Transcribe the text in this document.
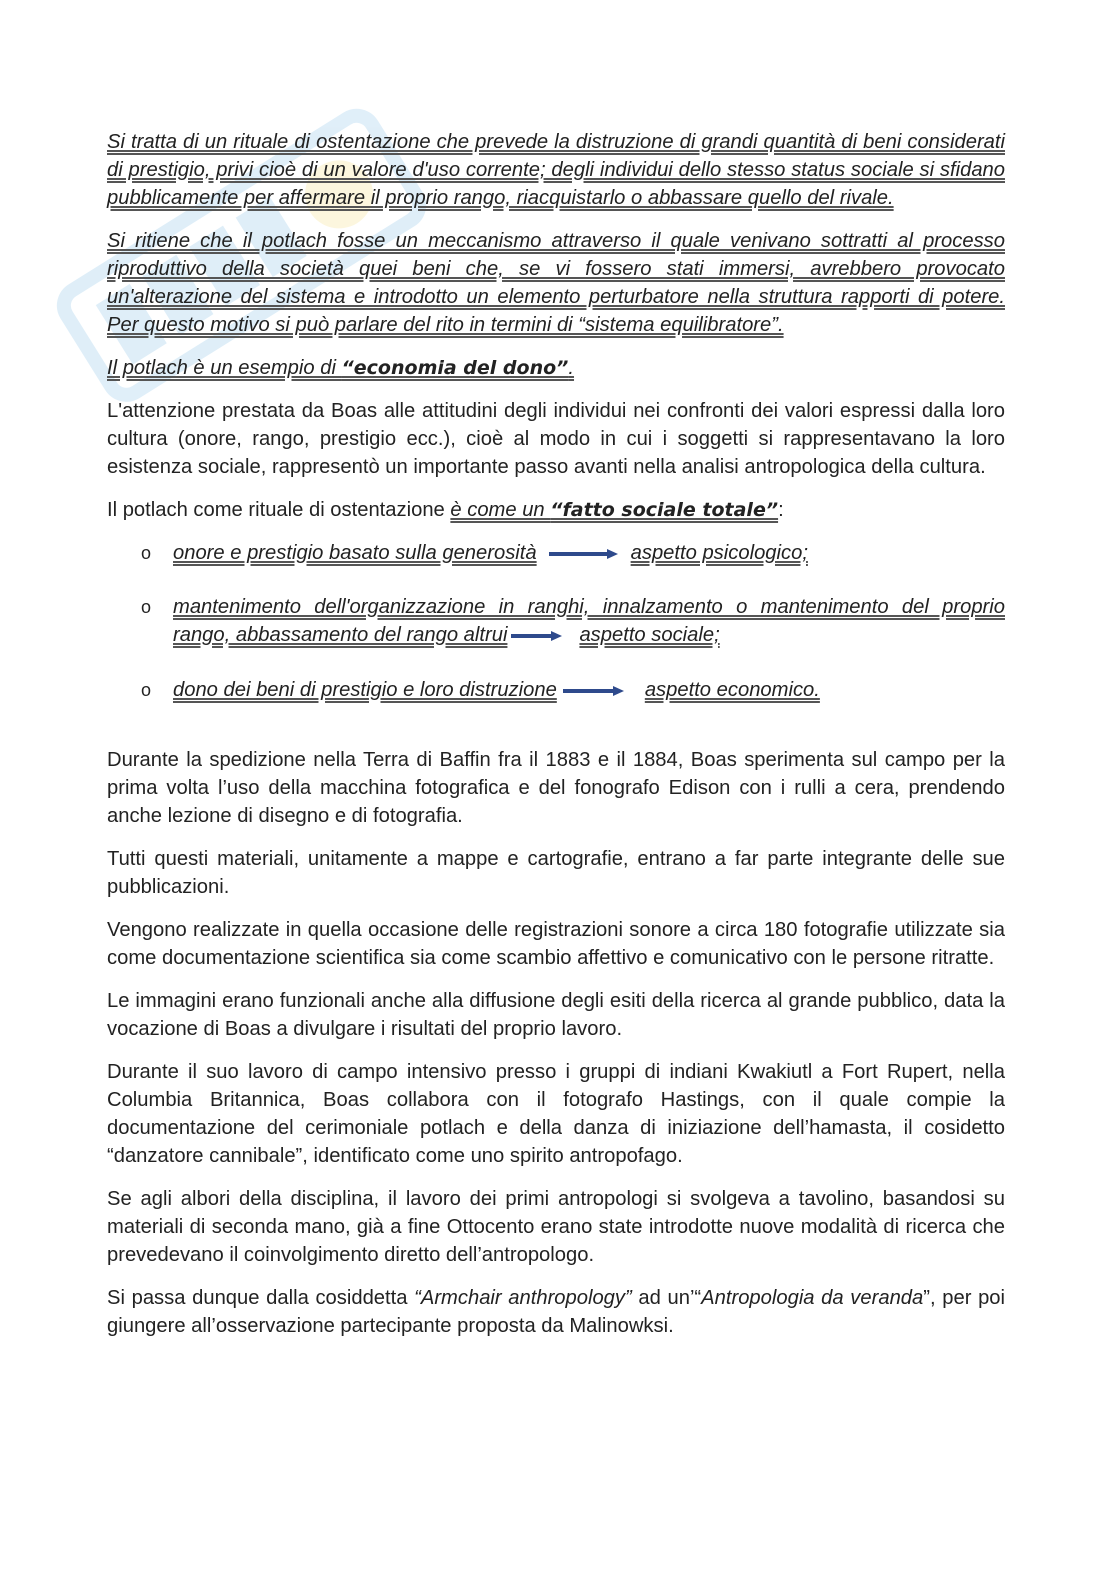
Si tratta di un rituale di ostentazione che prevede la distruzione di grandi quantità di beni considerati di prestigio, privi cioè di un valore d'uso corrente; degli individui dello stesso status sociale si sfidano pubblicamente per affermare il proprio rango, riacquistarlo o abbassare quello del rivale.

Si ritiene che il potlach fosse un meccanismo attraverso il quale venivano sottratti al processo riproduttivo della società quei beni che, se vi fossero stati immersi, avrebbero provocato un'alterazione del sistema e introdotto un elemento perturbatore nella struttura rapporti di potere. Per questo motivo si può parlare del rito in termini di “sistema equilibratore”.

Il potlach è un esempio di “economia del dono”.

L'attenzione prestata da Boas alle attitudini degli individui nei confronti dei valori espressi dalla loro cultura (onore, rango, prestigio ecc.), cioè al modo in cui i soggetti si rappresentavano la loro esistenza sociale, rappresentò un importante passo avanti nella analisi antropologica della cultura.

Il potlach come rituale di ostentazione è come un “fatto sociale totale”:

o onore e prestigio basato sulla generosità	aspetto psicologico;
o mantenimento dell'organizzazione in ranghi, innalzamento o mantenimento del proprio rango, abbassamento del rango altrui	aspetto sociale;
o dono dei beni di prestigio e loro distruzione	aspetto economico.

Durante la spedizione nella Terra di Baffin fra il 1883 e il 1884, Boas sperimenta sul campo per la prima volta l’uso della macchina fotografica e del fonografo Edison con i rulli a cera, prendendo anche lezione di disegno e di fotografia.

Tutti questi materiali, unitamente a mappe e cartografie, entrano a far parte integrante delle sue pubblicazioni.

Vengono realizzate in quella occasione delle registrazioni sonore a circa 180 fotografie utilizzate sia come documentazione scientifica sia come scambio affettivo e comunicativo con le persone ritratte.

Le immagini erano funzionali anche alla diffusione degli esiti della ricerca al grande pubblico, data la vocazione di Boas a divulgare i risultati del proprio lavoro.

Durante il suo lavoro di campo intensivo presso i gruppi di indiani Kwakiutl a Fort Rupert, nella Columbia Britannica, Boas collabora con il fotografo Hastings, con il quale compie la documentazione del cerimoniale potlach e della danza di iniziazione dell’hamasta, il cosidetto “danzatore cannibale”, identificato come uno spirito antropofago.

Se agli albori della disciplina, il lavoro dei primi antropologi si svolgeva a tavolino, basandosi su materiali di seconda mano, già a fine Ottocento erano state introdotte nuove modalità di ricerca che prevedevano il coinvolgimento diretto dell’antropologo.

Si passa dunque dalla cosiddetta “Armchair anthropology” ad un’“Antropologia da veranda”, per poi giungere all’osservazione partecipante proposta da Malinowksi.
